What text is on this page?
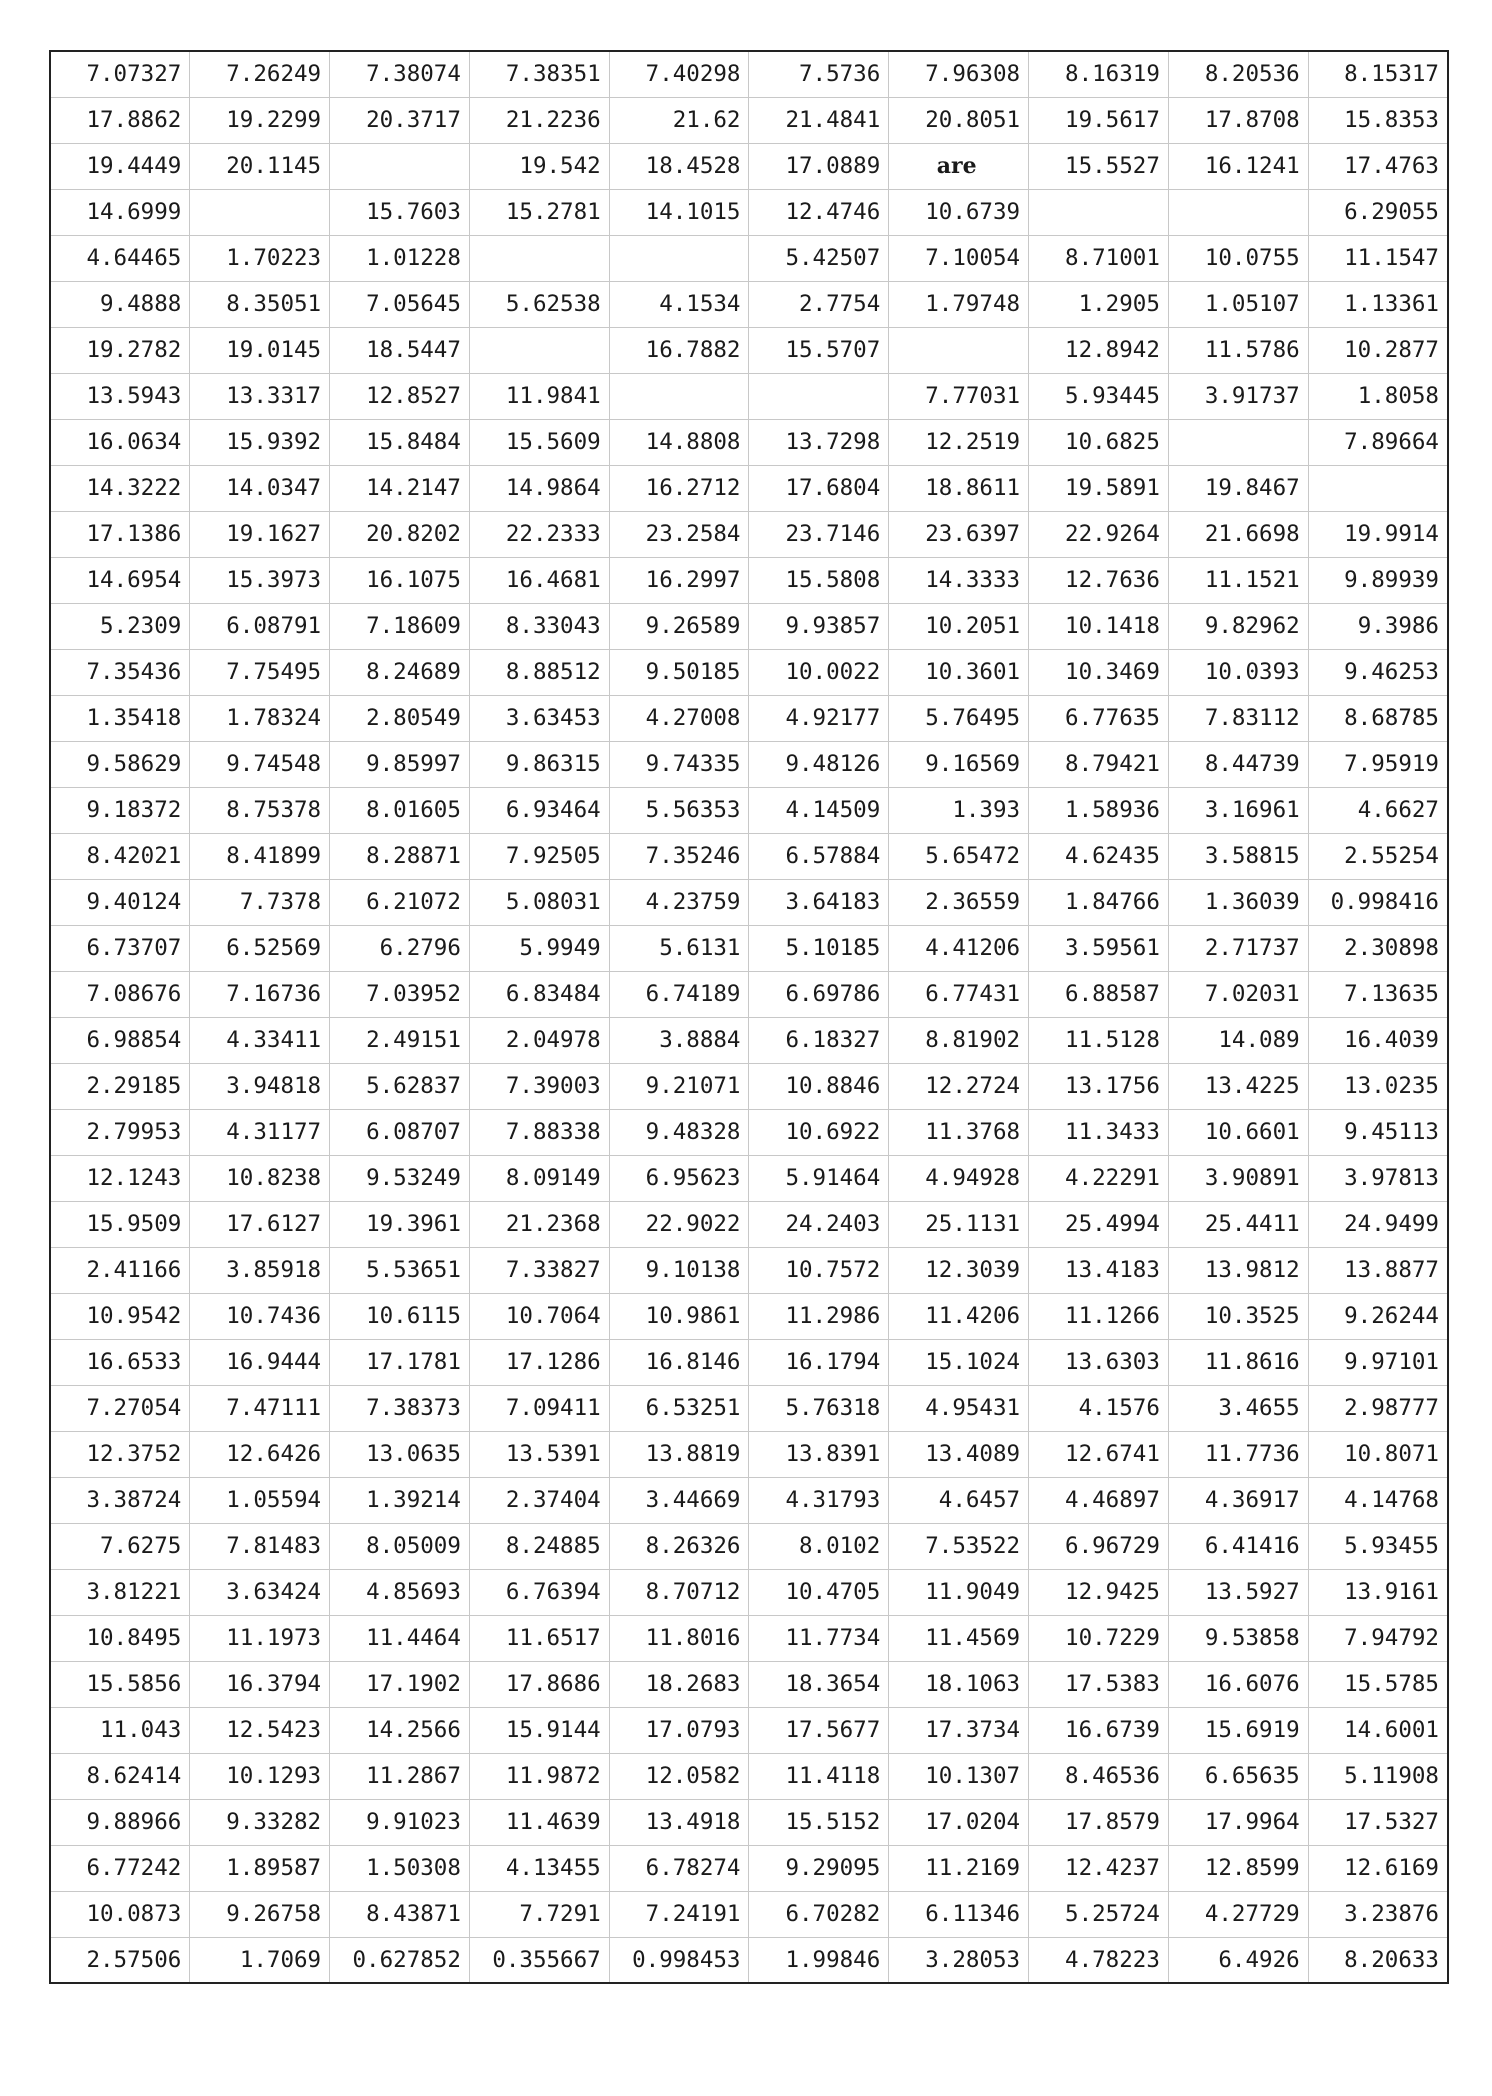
7.07327	7.26249	7.38074	7.38351	7.40298	7.5736	7.96308	8.16319	8.20536	8.15317
17.8862	19.2299	20.3717	21.2236	21.62	21.4841	20.8051	19.5617	17.8708	15.8353
19.4449	20.1145		19.542	18.4528	17.0889	are	15.5527	16.1241	17.4763
14.6999		15.7603	15.2781	14.1015	12.4746	10.6739			6.29055
4.64465	1.70223	1.01228			5.42507	7.10054	8.71001	10.0755	11.1547
9.4888	8.35051	7.05645	5.62538	4.1534	2.7754	1.79748	1.2905	1.05107	1.13361
19.2782	19.0145	18.5447		16.7882	15.5707		12.8942	11.5786	10.2877
13.5943	13.3317	12.8527	11.9841			7.77031	5.93445	3.91737	1.8058
16.0634	15.9392	15.8484	15.5609	14.8808	13.7298	12.2519	10.6825		7.89664
14.3222	14.0347	14.2147	14.9864	16.2712	17.6804	18.8611	19.5891	19.8467	
17.1386	19.1627	20.8202	22.2333	23.2584	23.7146	23.6397	22.9264	21.6698	19.9914
14.6954	15.3973	16.1075	16.4681	16.2997	15.5808	14.3333	12.7636	11.1521	9.89939
5.2309	6.08791	7.18609	8.33043	9.26589	9.93857	10.2051	10.1418	9.82962	9.3986
7.35436	7.75495	8.24689	8.88512	9.50185	10.0022	10.3601	10.3469	10.0393	9.46253
1.35418	1.78324	2.80549	3.63453	4.27008	4.92177	5.76495	6.77635	7.83112	8.68785
9.58629	9.74548	9.85997	9.86315	9.74335	9.48126	9.16569	8.79421	8.44739	7.95919
9.18372	8.75378	8.01605	6.93464	5.56353	4.14509	1.393	1.58936	3.16961	4.6627
8.42021	8.41899	8.28871	7.92505	7.35246	6.57884	5.65472	4.62435	3.58815	2.55254
9.40124	7.7378	6.21072	5.08031	4.23759	3.64183	2.36559	1.84766	1.36039	0.998416
6.73707	6.52569	6.2796	5.9949	5.6131	5.10185	4.41206	3.59561	2.71737	2.30898
7.08676	7.16736	7.03952	6.83484	6.74189	6.69786	6.77431	6.88587	7.02031	7.13635
6.98854	4.33411	2.49151	2.04978	3.8884	6.18327	8.81902	11.5128	14.089	16.4039
2.29185	3.94818	5.62837	7.39003	9.21071	10.8846	12.2724	13.1756	13.4225	13.0235
2.79953	4.31177	6.08707	7.88338	9.48328	10.6922	11.3768	11.3433	10.6601	9.45113
12.1243	10.8238	9.53249	8.09149	6.95623	5.91464	4.94928	4.22291	3.90891	3.97813
15.9509	17.6127	19.3961	21.2368	22.9022	24.2403	25.1131	25.4994	25.4411	24.9499
2.41166	3.85918	5.53651	7.33827	9.10138	10.7572	12.3039	13.4183	13.9812	13.8877
10.9542	10.7436	10.6115	10.7064	10.9861	11.2986	11.4206	11.1266	10.3525	9.26244
16.6533	16.9444	17.1781	17.1286	16.8146	16.1794	15.1024	13.6303	11.8616	9.97101
7.27054	7.47111	7.38373	7.09411	6.53251	5.76318	4.95431	4.1576	3.4655	2.98777
12.3752	12.6426	13.0635	13.5391	13.8819	13.8391	13.4089	12.6741	11.7736	10.8071
3.38724	1.05594	1.39214	2.37404	3.44669	4.31793	4.6457	4.46897	4.36917	4.14768
7.6275	7.81483	8.05009	8.24885	8.26326	8.0102	7.53522	6.96729	6.41416	5.93455
3.81221	3.63424	4.85693	6.76394	8.70712	10.4705	11.9049	12.9425	13.5927	13.9161
10.8495	11.1973	11.4464	11.6517	11.8016	11.7734	11.4569	10.7229	9.53858	7.94792
15.5856	16.3794	17.1902	17.8686	18.2683	18.3654	18.1063	17.5383	16.6076	15.5785
11.043	12.5423	14.2566	15.9144	17.0793	17.5677	17.3734	16.6739	15.6919	14.6001
8.62414	10.1293	11.2867	11.9872	12.0582	11.4118	10.1307	8.46536	6.65635	5.11908
9.88966	9.33282	9.91023	11.4639	13.4918	15.5152	17.0204	17.8579	17.9964	17.5327
6.77242	1.89587	1.50308	4.13455	6.78274	9.29095	11.2169	12.4237	12.8599	12.6169
10.0873	9.26758	8.43871	7.7291	7.24191	6.70282	6.11346	5.25724	4.27729	3.23876
2.57506	1.7069	0.627852	0.355667	0.998453	1.99846	3.28053	4.78223	6.4926	8.20633
